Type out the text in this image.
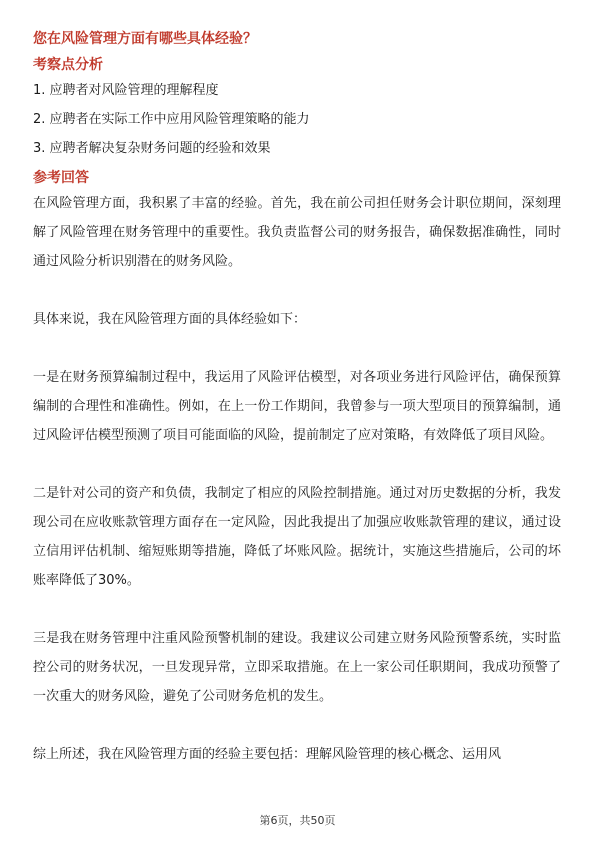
您在风险管理方面有哪些具体经验？
考察点分析
1. 应聘者对风险管理的理解程度
2. 应聘者在实际工作中应用风险管理策略的能力
3. 应聘者解决复杂财务问题的经验和效果
参考回答

在风险管理方面，我积累了丰富的经验。首先，我在前公司担任财务会计职位期间，深刻理解了风险管理在财务管理中的重要性。我负责监督公司的财务报告，确保数据准确性，同时通过风险分析识别潜在的财务风险。

具体来说，我在风险管理方面的具体经验如下：

一是在财务预算编制过程中，我运用了风险评估模型，对各项业务进行风险评估，确保预算编制的合理性和准确性。例如，在上一份工作期间，我曾参与一项大型项目的预算编制，通过风险评估模型预测了项目可能面临的风险，提前制定了应对策略，有效降低了项目风险。

二是针对公司的资产和负债，我制定了相应的风险控制措施。通过对历史数据的分析，我发现公司在应收账款管理方面存在一定风险，因此我提出了加强应收账款管理的建议，通过设立信用评估机制、缩短账期等措施，降低了坏账风险。据统计，实施这些措施后，公司的坏账率降低了30%。

三是我在财务管理中注重风险预警机制的建设。我建议公司建立财务风险预警系统，实时监控公司的财务状况，一旦发现异常，立即采取措施。在上一家公司任职期间，我成功预警了一次重大的财务风险，避免了公司财务危机的发生。

综上所述，我在风险管理方面的经验主要包括：理解风险管理的核心概念、运用风

第6页，共50页
